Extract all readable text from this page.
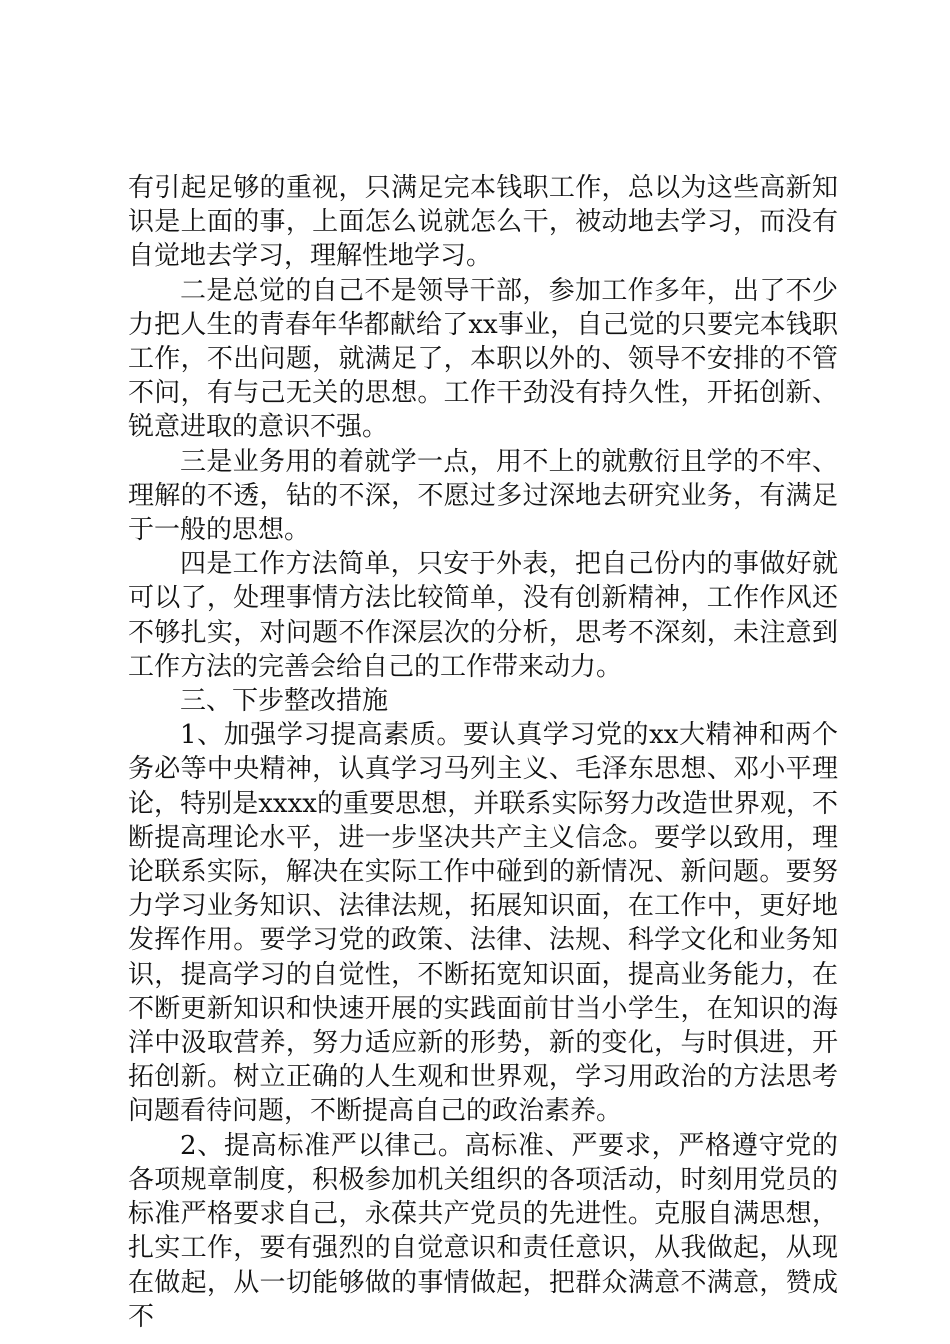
有引起足够的重视，只满足完本钱职工作，总以为这些高新知识是上面的事，上面怎么说就怎么干，被动地去学习，而没有自觉地去学习，理解性地学习。

二是总觉的自己不是领导干部，参加工作多年，出了不少力把人生的青春年华都献给了xx事业，自己觉的只要完本钱职工作，不出问题，就满足了，本职以外的、领导不安排的不管不问，有与己无关的思想。工作干劲没有持久性，开拓创新、锐意进取的意识不强。

三是业务用的着就学一点，用不上的就敷衍且学的不牢、理解的不透，钻的不深，不愿过多过深地去研究业务，有满足于一般的思想。

四是工作方法简单，只安于外表，把自己份内的事做好就可以了，处理事情方法比较简单，没有创新精神，工作作风还不够扎实，对问题不作深层次的分析，思考不深刻，未注意到工作方法的完善会给自己的工作带来动力。

三、下步整改措施

1、加强学习提高素质。要认真学习党的xx大精神和两个务必等中央精神，认真学习马列主义、毛泽东思想、邓小平理论，特别是xxxx的重要思想，并联系实际努力改造世界观，不断提高理论水平，进一步坚决共产主义信念。要学以致用，理论联系实际，解决在实际工作中碰到的新情况、新问题。要努力学习业务知识、法律法规，拓展知识面，在工作中，更好地发挥作用。要学习党的政策、法律、法规、科学文化和业务知识，提高学习的自觉性，不断拓宽知识面，提高业务能力，在不断更新知识和快速开展的实践面前甘当小学生，在知识的海洋中汲取营养，努力适应新的形势，新的变化，与时俱进，开拓创新。树立正确的人生观和世界观，学习用政治的方法思考问题看待问题，不断提高自己的政治素养。

2、提高标准严以律己。高标准、严要求，严格遵守党的各项规章制度，积极参加机关组织的各项活动，时刻用党员的标准严格要求自己，永葆共产党员的先进性。克服自满思想，扎实工作，要有强烈的自觉意识和责任意识，从我做起，从现在做起，从一切能够做的事情做起，把群众满意不满意，赞成不
